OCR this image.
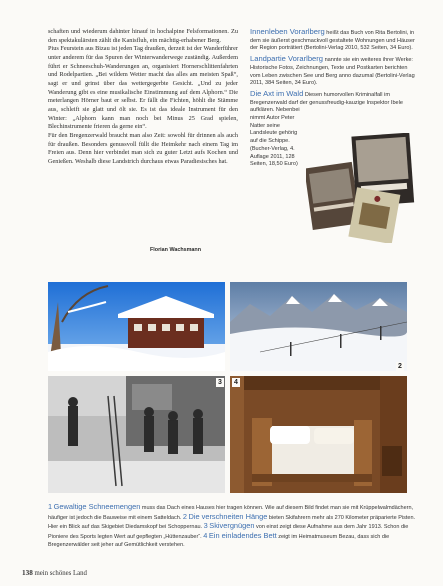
schaften und wiederum dahinter hinauf in hochalpine Felsformationen. Zu den spektakulärsten zählt die Kanisfluh, ein mächtig-erhabener Berg.

Pius Feurstein aus Bizau ist jeden Tag draußen, derzeit ist der Wanderführer unter anderem für das Spuren der Winterwanderwege zuständig. Außerdem führt er Schneeschuh-Wanderungen an, organisiert Hornerschlittenfahrten und Rodelpartien. „Bei wildem Wetter macht das alles am meisten Spaß“, sagt er und grinst über das wettergegerbte Gesicht. „Und zu jeder Wanderung gibt es eine musikalische Einstimmung auf dem Alphorn.“ Die meterlangen Hörner baut er selbst. Er fällt die Fichten, höhlt die Stämme aus, schleift sie glatt und ölt sie. Es ist das ideale Instrument für den Winter: „Alphorn kann man noch bei Minus 25 Grad spielen, Blechinstrumente frieren da gerne ein“.

Für den Bregenzerwald braucht man also Zeit: sowohl für drinnen als auch für draußen. Besonders genussvoll füllt die Heimkehr nach einem Tag im Freien aus. Denn hier verbindet man sich zu guter Letzt aufs Kochen und Genießen. Weshalb diese Landstrich durchaus etwas Paradiesisches hat.

Florian Wachsmann

Innenleben Vorarlberg heißt das Buch von Rita Bertolini, in dem sie äußerst geschmackvoll gestaltete Wohnungen und Häuser der Region porträtiert (Bertolini-Verlag 2010, 532 Seiten, 34 Euro).

Landpartie Vorarlberg nannte sie ein weiteres ihrer Werke: Historische Fotos, Zeichnungen, Texte und Postkarten berichten vom Leben zwischen See und Berg anno dazumal (Bertolini-Verlag 2011, 384 Seiten, 34 Euro).

Die Axt im Wald Diesen humorvollen Kriminalfall im Bregenzerwald darf der genussfreudig-kauzige Inspektor Ibele aufklären. Nebenbei
nimmt Autor Peter Natter seine Landsleute gehörig auf die Schippe. (Bucher-Verlag, 4. Auflage 2011, 128 Seiten, 18,50 Euro)

2
3 4
1 Gewaltige Schneemengen muss das Dach eines Hauses hier tragen können. Wie auf diesem Bild findet man sie mit Krüppelwalmdächern, häufiger ist jedoch die Bauweise mit einem Satteldach. 2 Die verschneiten Hänge bieten Skifahrern mehr als 270 Kilometer präparierte Pisten. Hier ein Blick auf das Skigebiet Diedamskopf bei Schoppernau. 3 Skivergnügen von einst zeigt diese Aufnahme aus dem Jahr 1913. Schon die Pioniere des Sports legten Wert auf gepflegten „Hüttenzauber“. 4 Ein einladendes Bett zeigt im Heimatmuseum Bezau, dass sich die Bregenzerwälder seit jeher auf Gemütlichkeit verstehen.
138 mein schönes Land
